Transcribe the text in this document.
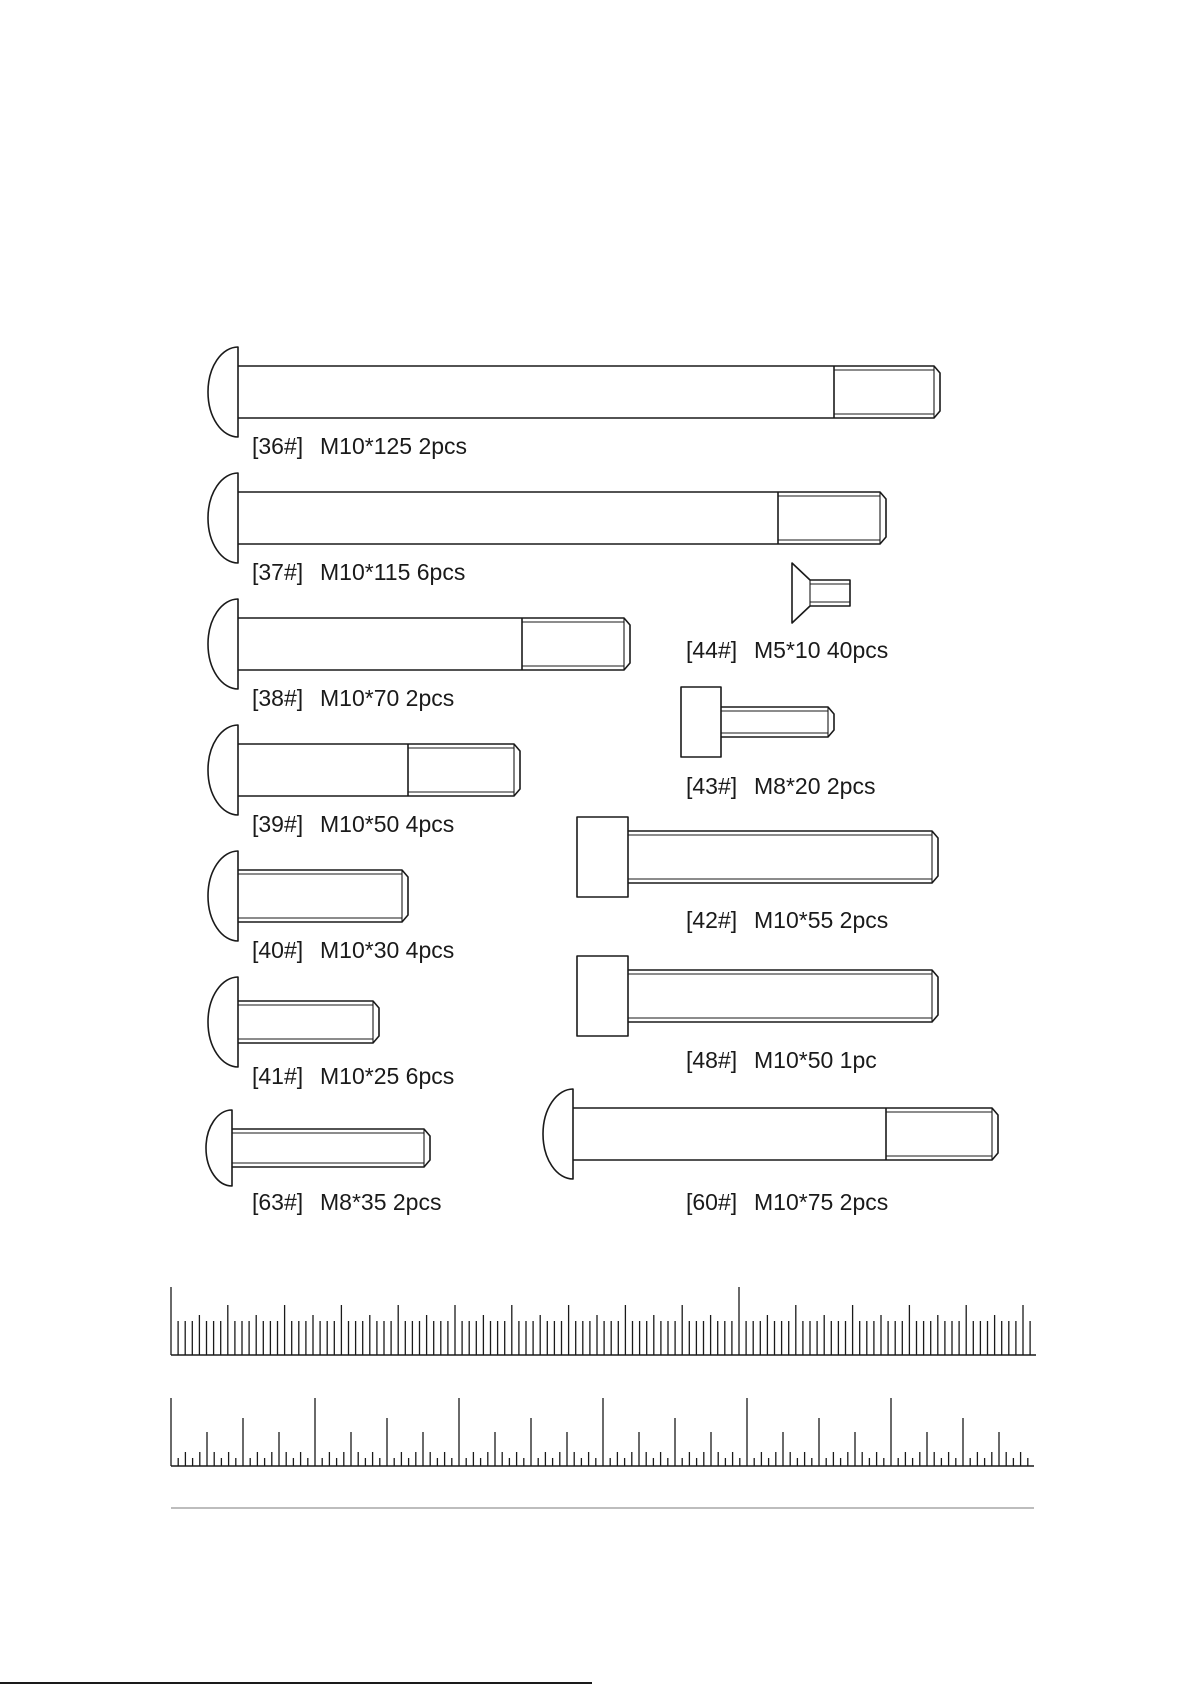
[36#] M10*125 2pcs
[37#] M10*115 6pcs
[38#] M10*70 2pcs
[39#] M10*50 4pcs
[40#] M10*30 4pcs
[41#] M10*25 6pcs
[63#] M8*35 2pcs	[60#] M10*75 2pcs
[42#] M10*55 2pcs
[48#] M10*50 1pc
[43#] M8*20 2pcs
[44#] M5*10 40pcs
